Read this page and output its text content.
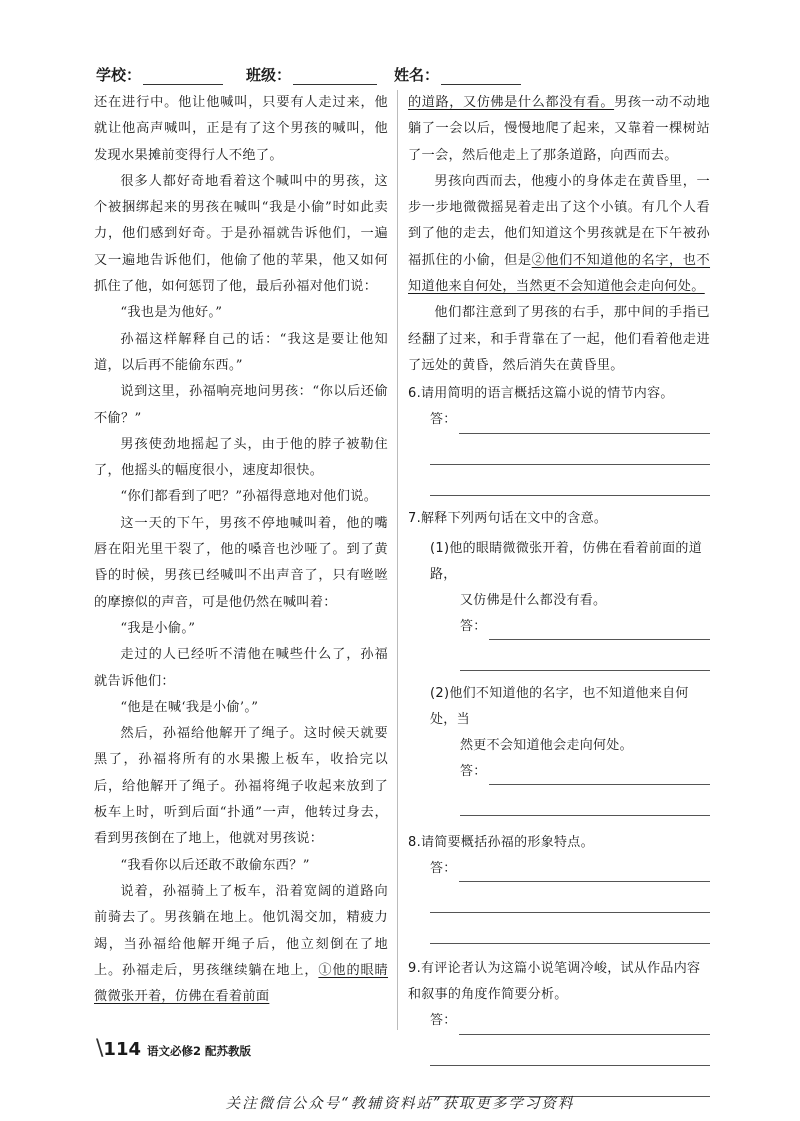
学校：	班级：	姓名：

还在进行中。他让他喊叫，只要有人走过来，他就让他高声喊叫，正是有了这个男孩的喊叫，他发现水果摊前变得行人不绝了。

很多人都好奇地看着这个喊叫中的男孩，这个被捆绑起来的男孩在喊叫“我是小偷”时如此卖力，他们感到好奇。于是孙福就告诉他们，一遍又一遍地告诉他们，他偷了他的苹果，他又如何抓住了他，如何惩罚了他，最后孙福对他们说：

“我也是为他好。”

孙福这样解释自己的话：“我这是要让他知道，以后再不能偷东西。”

说到这里，孙福响亮地问男孩：“你以后还偷不偷？”

男孩使劲地摇起了头，由于他的脖子被勒住了，他摇头的幅度很小，速度却很快。

“你们都看到了吧？”孙福得意地对他们说。

这一天的下午，男孩不停地喊叫着，他的嘴唇在阳光里干裂了，他的嗓音也沙哑了。到了黄昏的时候，男孩已经喊叫不出声音了，只有咝咝的摩擦似的声音，可是他仍然在喊叫着：

“我是小偷。”

走过的人已经听不清他在喊些什么了，孙福就告诉他们：

“他是在喊‘我是小偷’。”

然后，孙福给他解开了绳子。这时候天就要黑了，孙福将所有的水果搬上板车，收拾完以后，给他解开了绳子。孙福将绳子收起来放到了板车上时，听到后面“扑通”一声，他转过身去，看到男孩倒在了地上，他就对男孩说：

“我看你以后还敢不敢偷东西？”

说着，孙福骑上了板车，沿着宽阔的道路向前骑去了。男孩躺在地上。他饥渴交加，精疲力竭，当孙福给他解开绳子后，他立刻倒在了地上。孙福走后，男孩继续躺在地上，①他的眼睛微微张开着，仿佛在看着前面

的道路，又仿佛是什么都没有看。男孩一动不动地躺了一会以后，慢慢地爬了起来，又靠着一棵树站了一会，然后他走上了那条道路，向西而去。

男孩向西而去，他瘦小的身体走在黄昏里，一步一步地微微摇晃着走出了这个小镇。有几个人看到了他的走去，他们知道这个男孩就是在下午被孙福抓住的小偷，但是②他们不知道他的名字，也不知道他来自何处，当然更不会知道他会走向何处。

他们都注意到了男孩的右手，那中间的手指已经翻了过来，和手背靠在了一起，他们看着他走进了远处的黄昏，然后消失在黄昏里。

6.请用简明的语言概括这篇小说的情节内容。
答：
7.解释下列两句话在文中的含意。
(1)他的眼睛微微张开着，仿佛在看着前面的道路，
又仿佛是什么都没有看。
答：
(2)他们不知道他的名字，也不知道他来自何处，当
然更不会知道他会走向何处。
答：
8.请简要概括孙福的形象特点。
答：
9.有评论者认为这篇小说笔调冷峻，试从作品内容和叙事的角度作简要分析。
答：
\114 语文必修2 配苏教版
关注微信公众号“教辅资料站”获取更多学习资料
